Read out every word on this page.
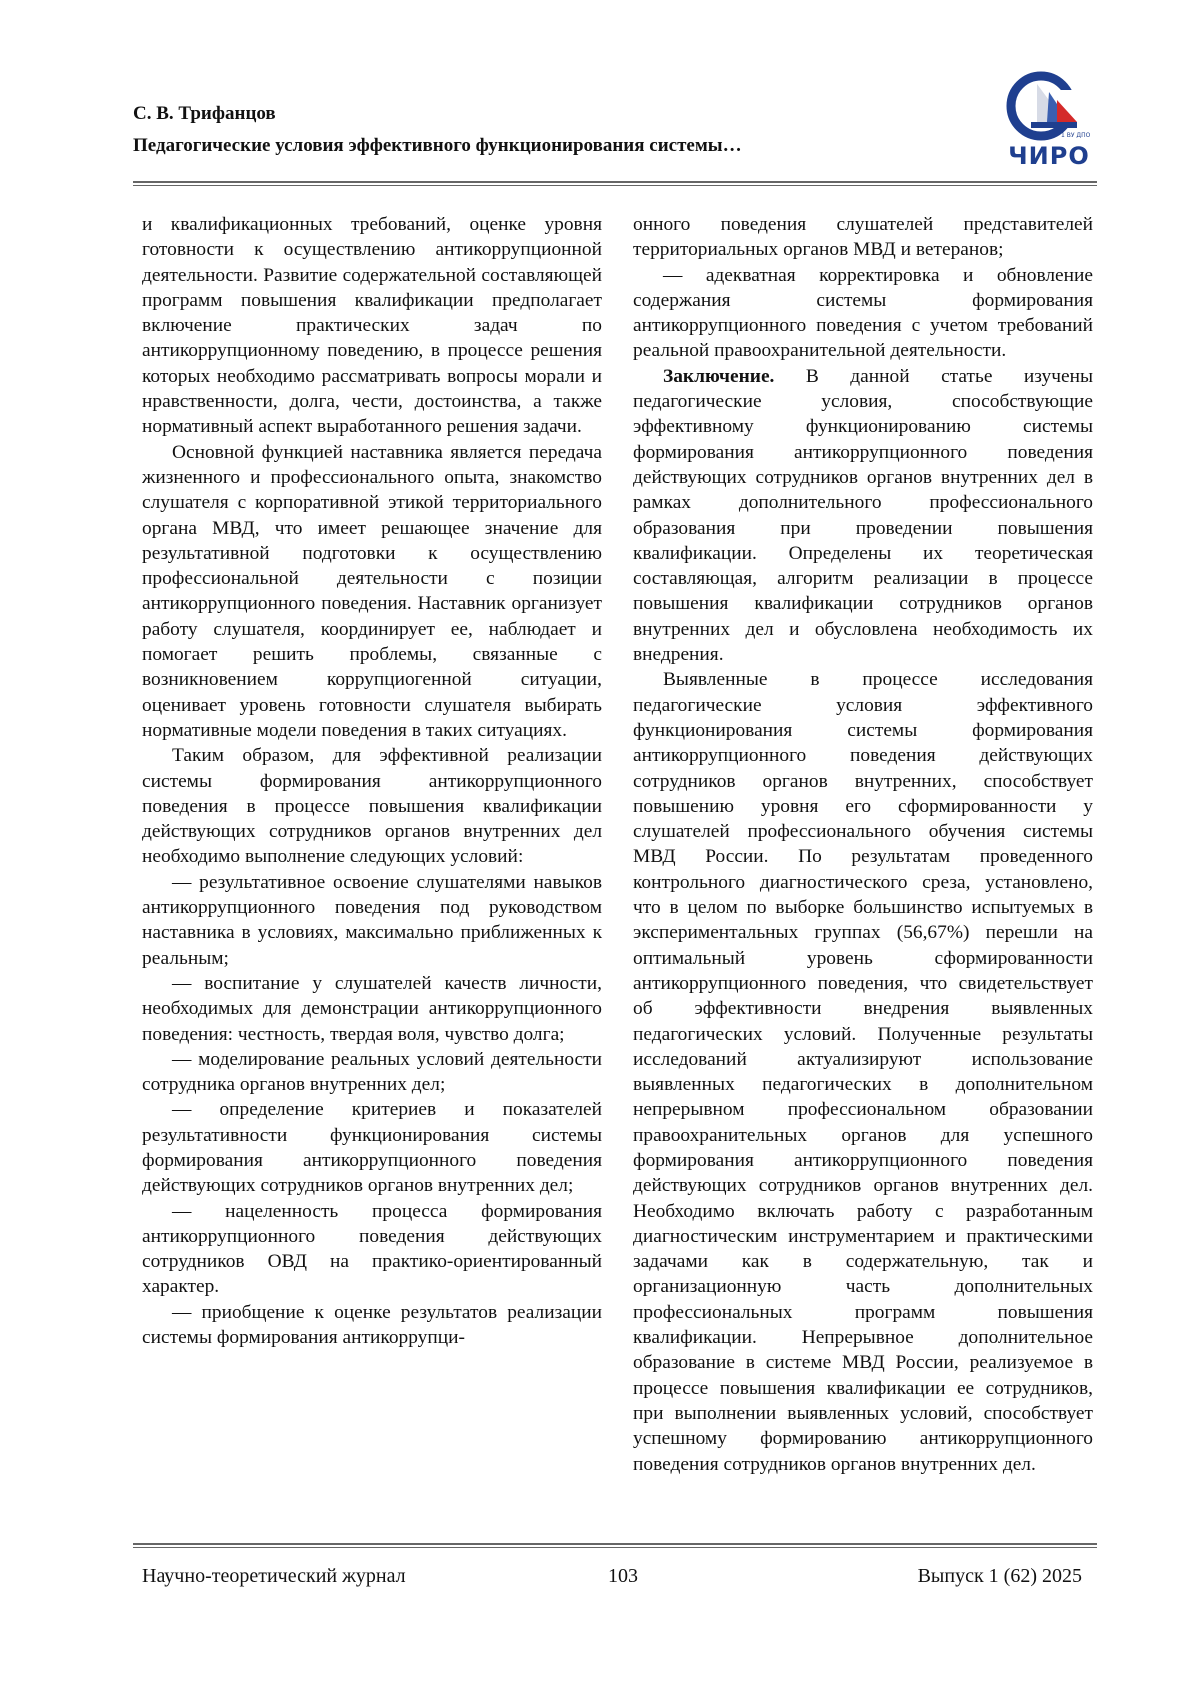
С. В. Трифанцов
Педагогические условия эффективного функционирования системы…	1 ВУ ДПО
ЧИРО

и квалификационных требований, оценке уровня готовности к осуществлению антикоррупционной деятельности. Развитие содержательной составляющей программ повышения квалификации предполагает включение практических задач по антикоррупционному поведению, в процессе решения которых необходимо рассматривать вопросы морали и нравственности, долга, чести, достоинства, а также нормативный аспект выработанного решения задачи.

Основной функцией наставника является передача жизненного и профессионального опыта, знакомство слушателя с корпоративной этикой территориального органа МВД, что имеет решающее значение для результативной подготовки к осуществлению профессиональной деятельности с позиции антикоррупционного поведения. Наставник организует работу слушателя, координирует ее, наблюдает и помогает решить проблемы, связанные с возникновением коррупциогенной ситуации, оценивает уровень готовности слушателя выбирать нормативные модели поведения в таких ситуациях.

Таким образом, для эффективной реализации системы формирования антикоррупционного поведения в процессе повышения квалификации действующих сотрудников органов внутренних дел необходимо выполнение следующих условий:

— результативное освоение слушателями навыков антикоррупционного поведения под руководством наставника в условиях, максимально приближенных к реальным;

— воспитание у слушателей качеств личности, необходимых для демонстрации антикоррупционного поведения: честность, твердая воля, чувство долга;

— моделирование реальных условий деятельности сотрудника органов внутренних дел;

— определение критериев и показателей результативности функционирования системы формирования антикоррупционного поведения действующих сотрудников органов внутренних дел;

— нацеленность процесса формирования антикоррупционного поведения действующих сотрудников ОВД на практико-ориентированный характер.

— приобщение к оценке результатов реализации системы формирования антикоррупци-

онного поведения слушателей представителей территориальных органов МВД и ветеранов;

— адекватная корректировка и обновление содержания системы формирования антикоррупционного поведения с учетом требований реальной правоохранительной деятельности.

Заключение. В данной статье изучены педагогические условия, способствующие эффективному функционированию системы формирования антикоррупционного поведения действующих сотрудников органов внутренних дел в рамках дополнительного профессионального образования при проведении повышения квалификации. Определены их теоретическая составляющая, алгоритм реализации в процессе повышения квалификации сотрудников органов внутренних дел и обусловлена необходимость их внедрения.

Выявленные в процессе исследования педагогические условия эффективного функционирования системы формирования антикоррупционного поведения действующих сотрудников органов внутренних, способствует повышению уровня его сформированности у слушателей профессионального обучения системы МВД России. По результатам проведенного контрольного диагностического среза, установлено, что в целом по выборке большинство испытуемых в экспериментальных группах (56,67%) перешли на оптимальный уровень сформированности антикоррупционного поведения, что свидетельствует об эффективности внедрения выявленных педагогических условий. Полученные результаты исследований актуализируют использование выявленных педагогических в дополнительном непрерывном профессиональном образовании правоохранительных органов для успешного формирования антикоррупционного поведения действующих сотрудников органов внутренних дел. Необходимо включать работу с разработанным диагностическим инструментарием и практическими задачами как в содержательную, так и организационную часть дополнительных профессиональных программ повышения квалификации. Непрерывное дополнительное образование в системе МВД России, реализуемое в процессе повышения квалификации ее сотрудников, при выполнении выявленных условий, способствует успешному формированию антикоррупционного поведения сотрудников органов внутренних дел.

Научно-теоретический журнал	103	Выпуск 1 (62) 2025
